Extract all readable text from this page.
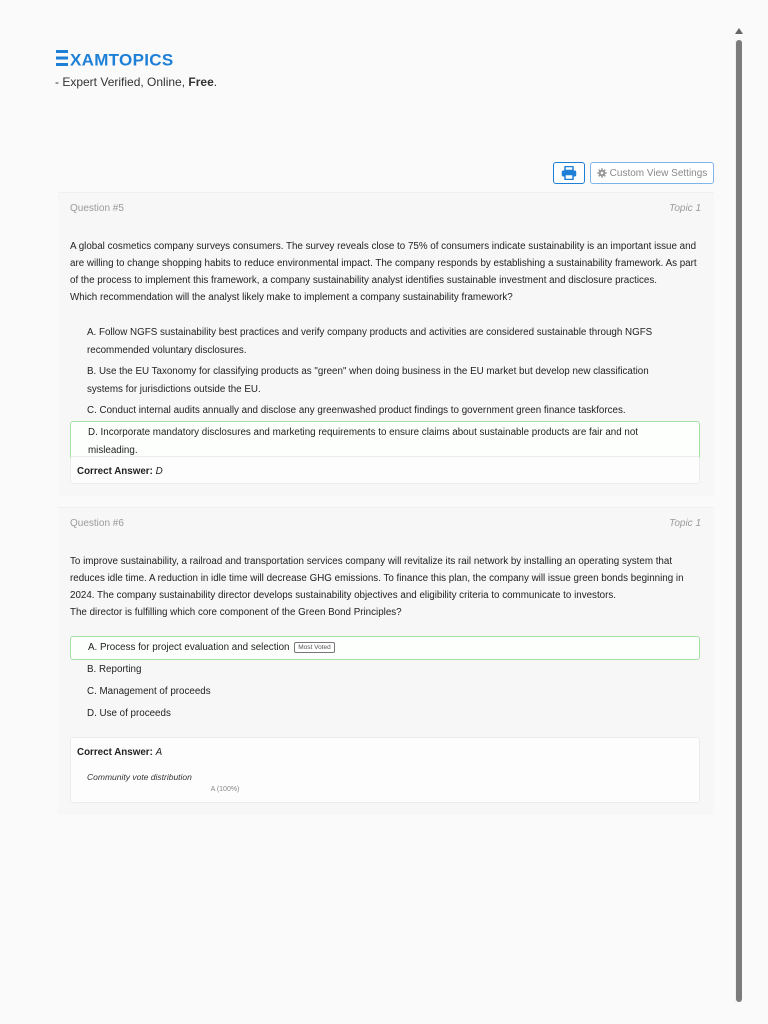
XAMTOPICS
- Expert Verified, Online, Free.
Custom View Settings
Question #5	Topic 1

A global cosmetics company surveys consumers. The survey reveals close to 75% of consumers indicate sustainability is an important issue and are willing to change shopping habits to reduce environmental impact. The company responds by establishing a sustainability framework. As part of the process to implement this framework, a company sustainability analyst identifies sustainable investment and disclosure practices.

Which recommendation will the analyst likely make to implement a company sustainability framework?

A. Follow NGFS sustainability best practices and verify company products and activities are considered sustainable through NGFS recommended voluntary disclosures.
B. Use the EU Taxonomy for classifying products as "green" when doing business in the EU market but develop new classification systems for jurisdictions outside the EU.
C. Conduct internal audits annually and disclose any greenwashed product findings to government green finance taskforces.
D. Incorporate mandatory disclosures and marketing requirements to ensure claims about sustainable products are fair and not misleading.
Correct Answer: D
Question #6	Topic 1

To improve sustainability, a railroad and transportation services company will revitalize its rail network by installing an operating system that reduces idle time. A reduction in idle time will decrease GHG emissions. To finance this plan, the company will issue green bonds beginning in 2024. The company sustainability director develops sustainability objectives and eligibility criteria to communicate to investors.

The director is fulfilling which core component of the Green Bond Principles?

A. Process for project evaluation and selection Most Voted
B. Reporting
C. Management of proceeds
D. Use of proceeds
Correct Answer: A
Community vote distribution
A (100%)
